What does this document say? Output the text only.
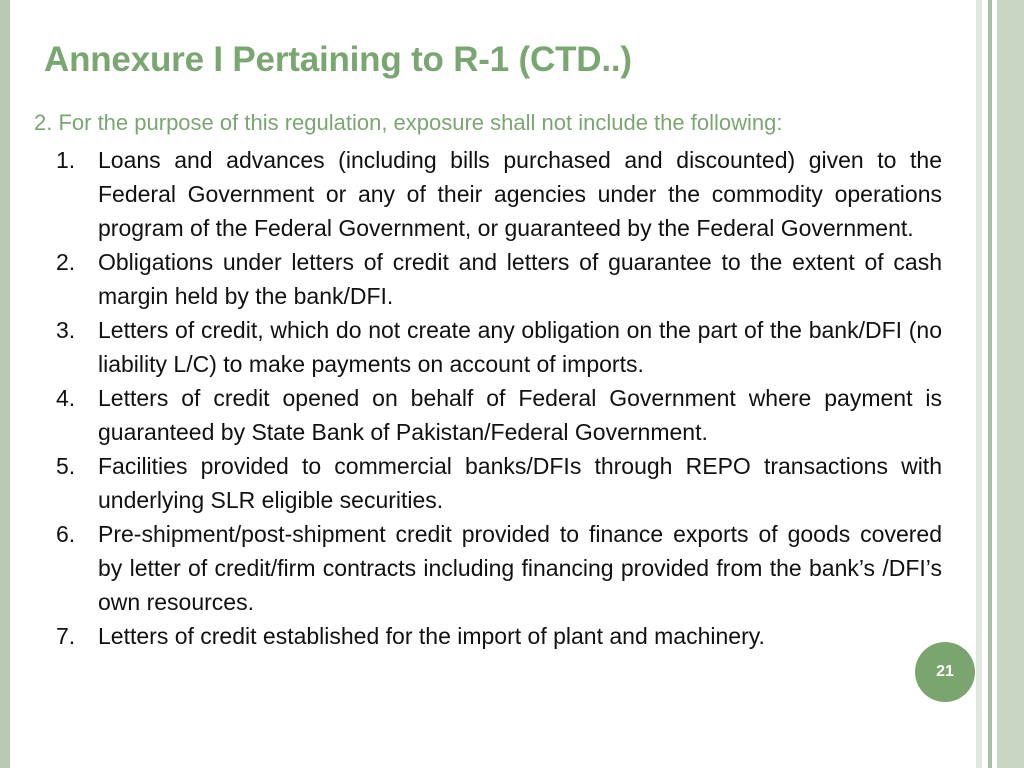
Annexure I Pertaining to R-1 (CTD..)
2. For the purpose of this regulation, exposure shall not include the following:
1. Loans and advances (including bills purchased and discounted) given to the Federal Government or any of their agencies under the commodity operations program of the Federal Government, or guaranteed by the Federal Government.
2. Obligations under letters of credit and letters of guarantee to the extent of cash margin held by the bank/DFI.
3. Letters of credit, which do not create any obligation on the part of the bank/DFI (no liability L/C) to make payments on account of imports.
4. Letters of credit opened on behalf of Federal Government where payment is guaranteed by State Bank of Pakistan/Federal Government.
5. Facilities provided to commercial banks/DFIs through REPO transactions with underlying SLR eligible securities.
6. Pre-shipment/post-shipment credit provided to finance exports of goods covered by letter of credit/firm contracts including financing provided from the bank’s /DFI’s own resources.
7. Letters of credit established for the import of plant and machinery.
21
